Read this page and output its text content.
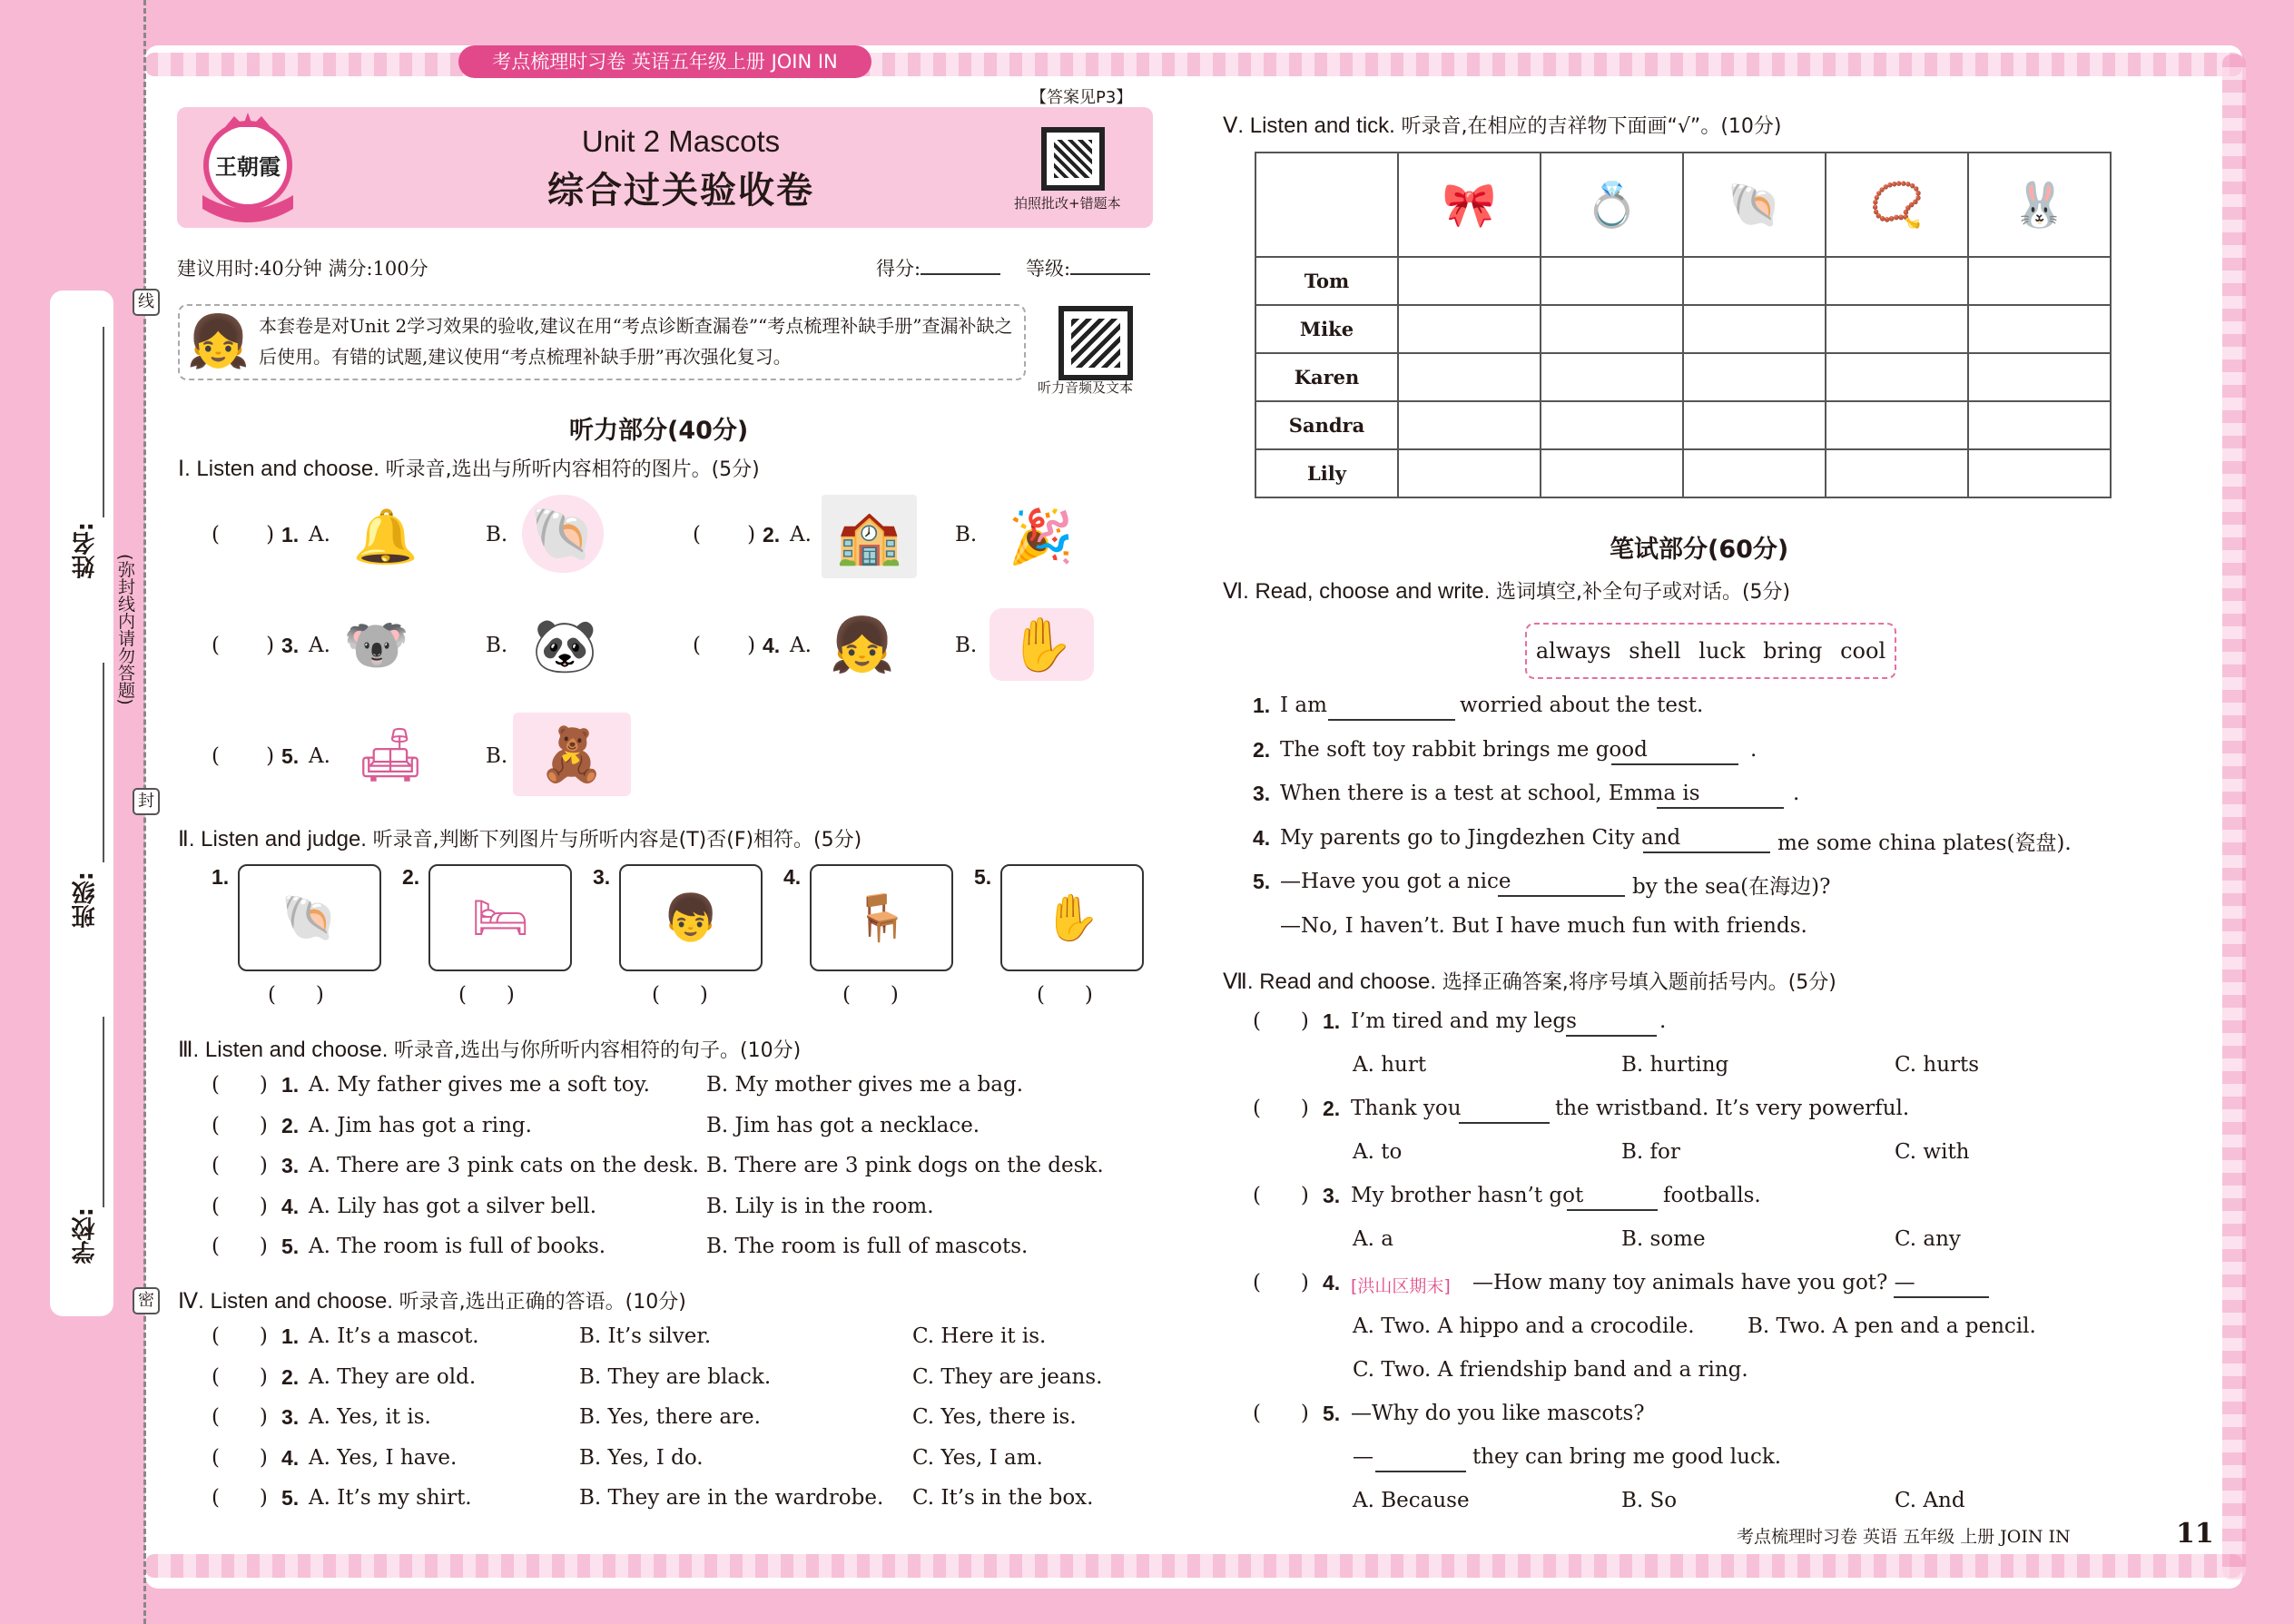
姓名:
班级:
学校:
(弥封线内请勿答题)
线
封
密
考点梳理时习卷 英语五年级上册 JOIN IN
【答案见P3】
王朝霞
Unit 2 Mascots
综合过关验收卷	拍照批改+错题本
建议用时:40分钟 满分:100分	得分:	等级:
👧 本套卷是对Unit 2学习效果的验收,建议在用“考点诊断查漏卷”“考点梳理补缺手册”查漏补缺之后使用。有错的试题,建议使用“考点梳理补缺手册”再次强化复习。
听力音频及文本
听力部分(40分)
Ⅰ. Listen and choose. 听录音,选出与所听内容相符的图片。(5分)
(       ) 1. A. 🔔	B. 🐚	(       ) 2. A. 🏫	B. 🎉
(       ) 3. A. 🐨	B. 🐼	(       ) 4. A. 👧	B. ✋
(       ) 5. A. 🛋	B. 🧸
Ⅱ. Listen and judge. 听录音,判断下列图片与所听内容是(T)否(F)相符。(5分)
1.
🐚
2.
🛏
3.
👦
4.
🪑
5.
✋
(      )	(      )	(      )	(      )	(      )
Ⅲ. Listen and choose. 听录音,选出与你所听内容相符的句子。(10分)
(      ) 1. A. My father gives me a soft toy.	B. My mother gives me a bag.
(      ) 2. A. Jim has got a ring.	B. Jim has got a necklace.
(      ) 3. A. There are 3 pink cats on the desk. B. There are 3 pink dogs on the desk.
(      ) 4. A. Lily has got a silver bell.	B. Lily is in the room.
(      ) 5. A. The room is full of books.	B. The room is full of mascots.
Ⅳ. Listen and choose. 听录音,选出正确的答语。(10分)
(      ) 1. A. It’s a mascot.	B. It’s silver.	C. Here it is.
(      ) 2. A. They are old.	B. They are black.	C. They are jeans.
(      ) 3. A. Yes, it is.	B. Yes, there are.	C. Yes, there is.
(      ) 4. A. Yes, I have.	B. Yes, I do.	C. Yes, I am.
(      ) 5. A. It’s my shirt.	B. They are in the wardrobe. C. It’s in the box.
Ⅴ. Listen and tick. 听录音,在相应的吉祥物下面画“√”。(10分)
	🎀	💍	🐚	📿	🐰
Tom					
Mike					
Karen					
Sandra					
Lily					
笔试部分(60分)
Ⅵ. Read, choose and write. 选词填空,补全句子或对话。(5分)
always shell luck bring cool
1. I am	worried about the test.
2. The soft toy rabbit brings me good	.
3. When there is a test at school, Emma is	.
4. My parents go to Jingdezhen City and	me some china plates(瓷盘).
5. —Have you got a nice	by the sea(在海边)?
—No, I haven’t. But I have much fun with friends.
Ⅶ. Read and choose. 选择正确答案,将序号填入题前括号内。(5分)
(      ) 1. I’m tired and my legs	.
A. hurt	B. hurting	C. hurts
(      ) 2. Thank you	the wristband. It’s very powerful.
A. to	B. for	C. with
(      ) 3. My brother hasn’t got	footballs.
A. a	B. some	C. any
(      ) 4. [洪山区期末] —How many toy animals have you got? —
A. Two. A hippo and a crocodile.	B. Two. A pen and a pencil.
C. Two. A friendship band and a ring.
(      ) 5. —Why do you like mascots?
—	they can bring me good luck.
A. Because	B. So	C. And
考点梳理时习卷 英语 五年级 上册 JOIN IN	11
